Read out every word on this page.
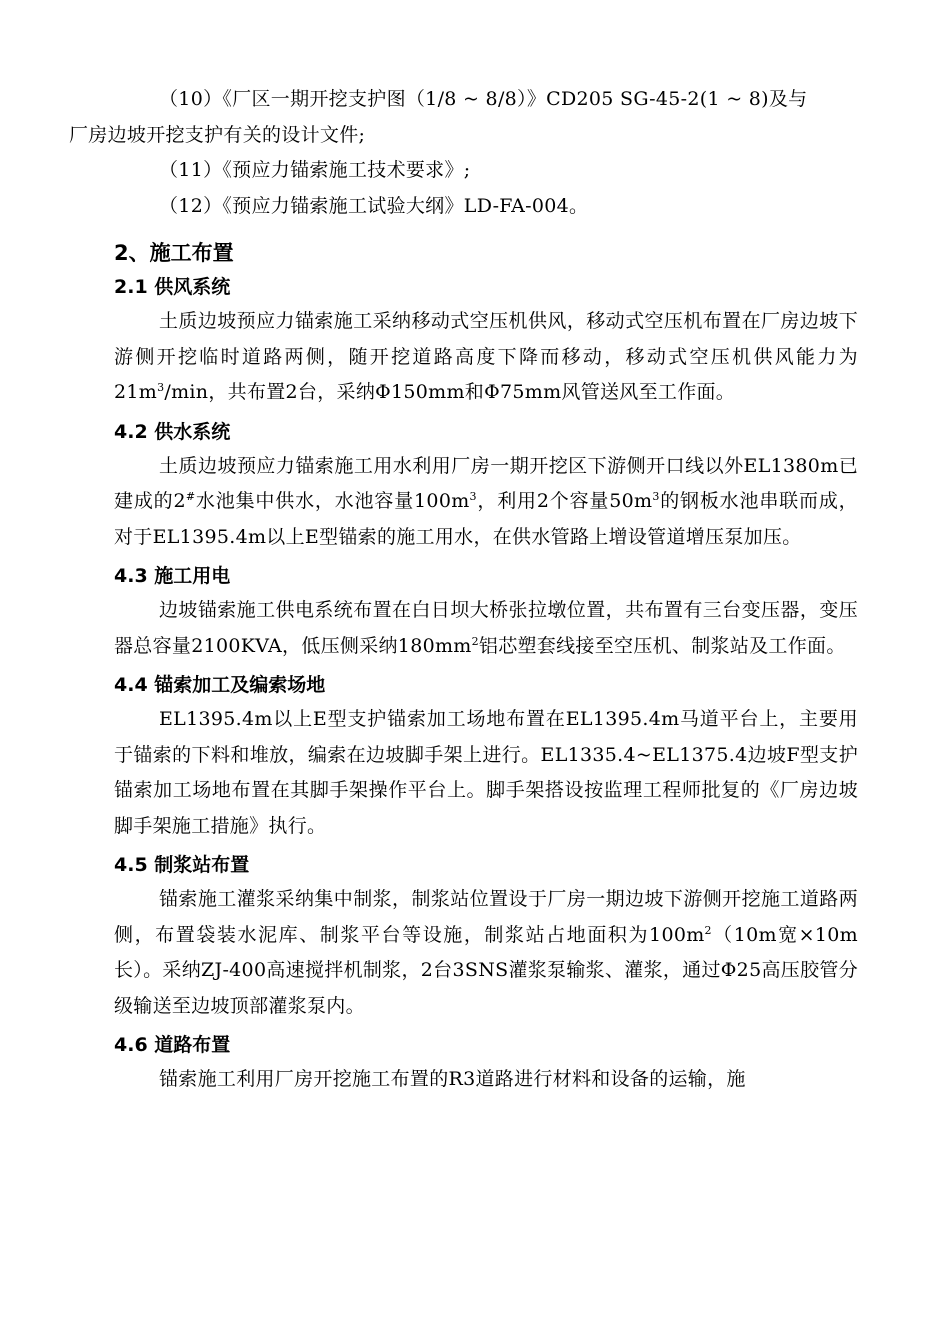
（10）《厂区一期开挖支护图（1/8 ~ 8/8）》CD205 SG-45-2(1 ~ 8)及与
厂房边坡开挖支护有关的设计文件;

（11）《预应力锚索施工技术要求》;

（12）《预应力锚索施工试验大纲》LD-FA-004。

2、施工布置
2.1 供风系统

土质边坡预应力锚索施工采纳移动式空压机供风，移动式空压机布置在厂房边坡下游侧开挖临时道路两侧，随开挖道路高度下降而移动，移动式空压机供风能力为$21m^3/\min$，共布置2台，采纳Φ150mm和Φ75mm风管送风至工作面。

4.2 供水系统

土质边坡预应力锚索施工用水利用厂房一期开挖区下游侧开口线以外EL1380m已建成的2#水池集中供水，水池容量$100m^3$，利用2个容量$50m^3$的钢板水池串联而成，对于EL1395.4m以上E型锚索的施工用水，在供水管路上增设管道增压泵加压。

4.3 施工用电

边坡锚索施工供电系统布置在白日坝大桥张拉墩位置，共布置有三台变压器，变压器总容量2100KVA，低压侧采纳$180mm^2$铝芯塑套线接至空压机、制浆站及工作面。

4.4 锚索加工及编索场地

EL1395.4m以上E型支护锚索加工场地布置在EL1395.4m马道平台上，主要用于锚索的下料和堆放，编索在边坡脚手架上进行。EL1335.4~EL1375.4边坡F型支护锚索加工场地布置在其脚手架操作平台上。脚手架搭设按监理工程师批复的《厂房边坡脚手架施工措施》执行。

4.5 制浆站布置

锚索施工灌浆采纳集中制浆，制浆站位置设于厂房一期边坡下游侧开挖施工道路两侧，布置袋装水泥库、制浆平台等设施，制浆站占地面积为$100m^2(10m$宽×10m长）。采纳ZJ-400高速搅拌机制浆，2台3SNS灌浆泵输浆、灌浆，通过Φ25高压胶管分级输送至边坡顶部灌浆泵内。

4.6 道路布置

锚索施工利用厂房开挖施工布置的R3道路进行材料和设备的运输，施
